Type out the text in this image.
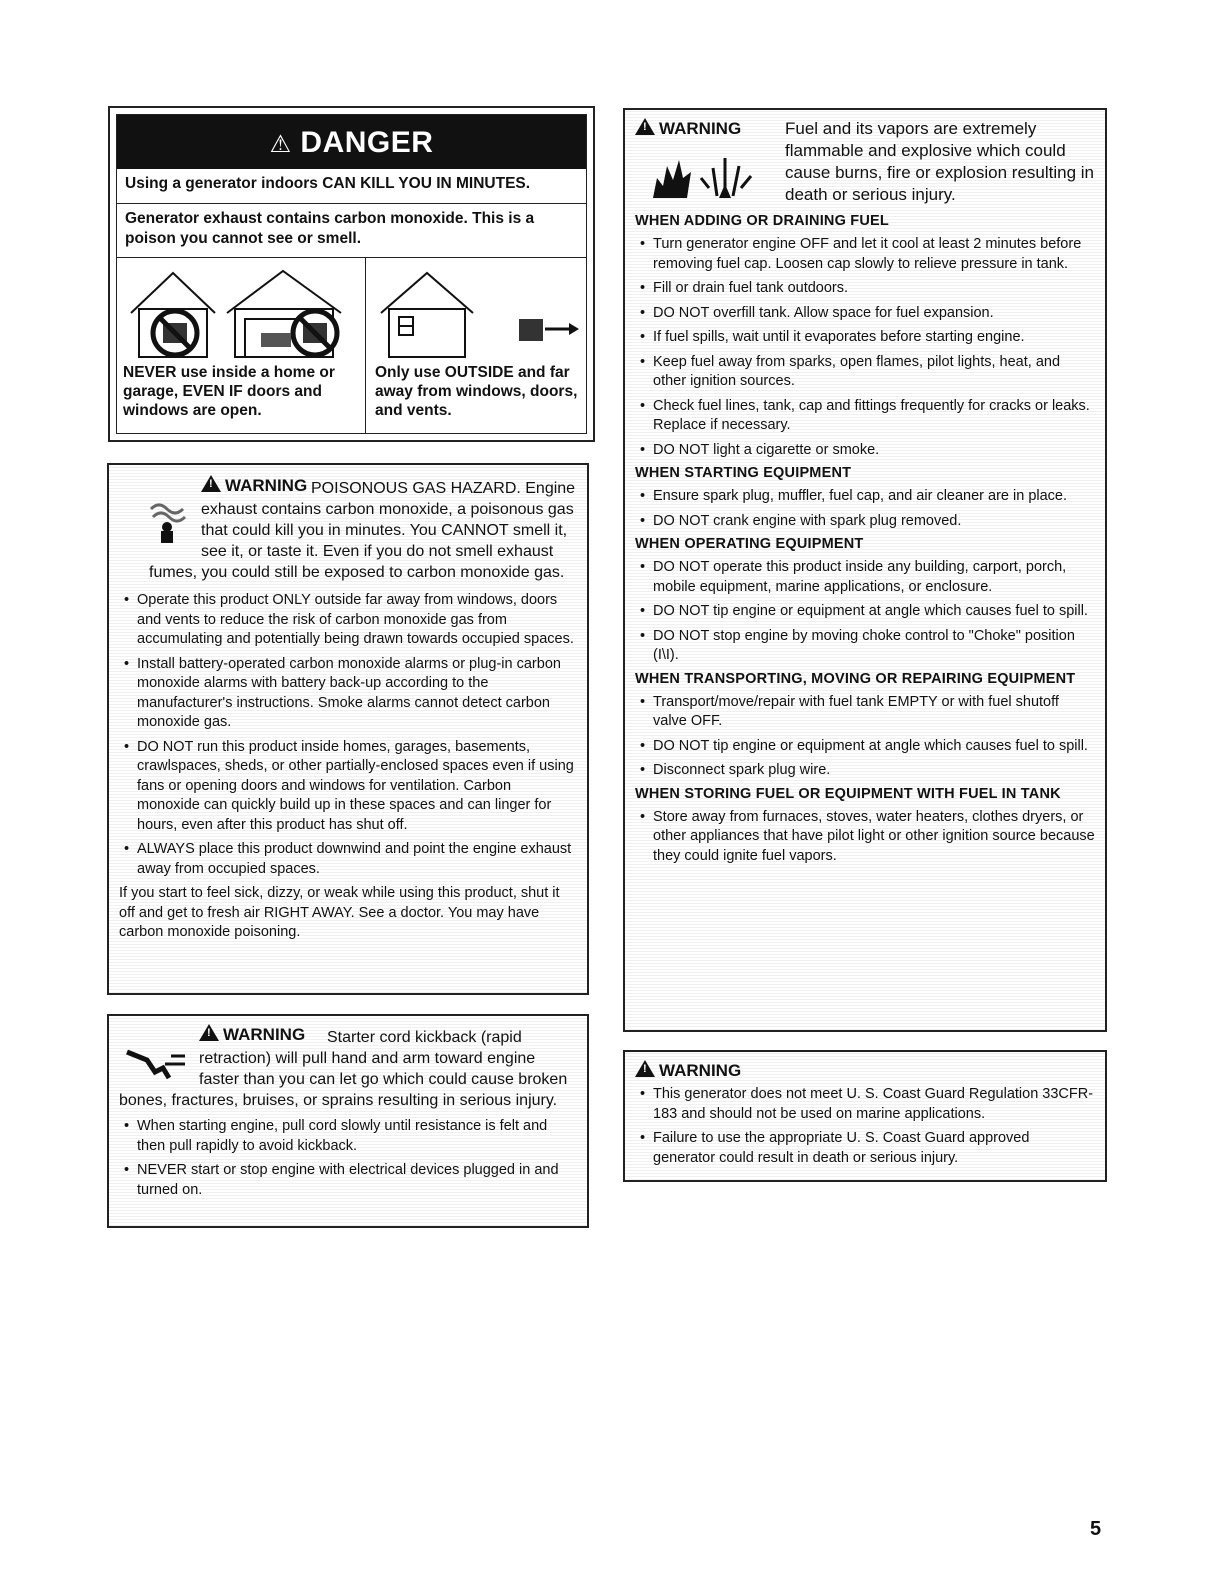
⚠ DANGER
Using a generator indoors CAN KILL YOU IN MINUTES.
Generator exhaust contains carbon monoxide. This is a poison you cannot see or smell.
NEVER use inside a home or garage, EVEN IF doors and windows are open.
Only use OUTSIDE and far away from windows, doors, and vents.
!WARNING POISONOUS GAS HAZARD. Engine exhaust contains carbon monoxide, a poisonous gas that could kill you in minutes. You CANNOT smell it, see it, or taste it. Even if you do not smell exhaust fumes, you could still be exposed to carbon monoxide gas.
• Operate this product ONLY outside far away from windows, doors and vents to reduce the risk of carbon monoxide gas from accumulating and potentially being drawn towards occupied spaces.
• Install battery-operated carbon monoxide alarms or plug-in carbon monoxide alarms with battery back-up according to the manufacturer's instructions. Smoke alarms cannot detect carbon monoxide gas.
• DO NOT run this product inside homes, garages, basements, crawlspaces, sheds, or other partially-enclosed spaces even if using fans or opening doors and windows for ventilation. Carbon monoxide can quickly build up in these spaces and can linger for hours, even after this product has shut off.
• ALWAYS place this product downwind and point the engine exhaust away from occupied spaces.
If you start to feel sick, dizzy, or weak while using this product, shut it off and get to fresh air RIGHT AWAY. See a doctor. You may have carbon monoxide poisoning.
!WARNING	Starter cord kickback (rapid retraction) will pull hand and arm toward engine faster than you can let go which could cause broken bones, fractures, bruises, or sprains resulting in serious injury.
• When starting engine, pull cord slowly until resistance is felt and then pull rapidly to avoid kickback.
• NEVER start or stop engine with electrical devices plugged in and turned on.
!WARNING	Fuel and its vapors are extremely flammable and explosive which could cause burns, fire or explosion resulting in death or serious injury.
WHEN ADDING OR DRAINING FUEL
• Turn generator engine OFF and let it cool at least 2 minutes before removing fuel cap. Loosen cap slowly to relieve pressure in tank.
• Fill or drain fuel tank outdoors.
• DO NOT overfill tank. Allow space for fuel expansion.
• If fuel spills, wait until it evaporates before starting engine.
• Keep fuel away from sparks, open flames, pilot lights, heat, and other ignition sources.
• Check fuel lines, tank, cap and fittings frequently for cracks or leaks. Replace if necessary.
• DO NOT light a cigarette or smoke.
WHEN STARTING EQUIPMENT
• Ensure spark plug, muffler, fuel cap, and air cleaner are in place.
• DO NOT crank engine with spark plug removed.
WHEN OPERATING EQUIPMENT
• DO NOT operate this product inside any building, carport, porch, mobile equipment, marine applications, or enclosure.
• DO NOT tip engine or equipment at angle which causes fuel to spill.
• DO NOT stop engine by moving choke control to "Choke" position (I\I).
WHEN TRANSPORTING, MOVING OR REPAIRING EQUIPMENT
• Transport/move/repair with fuel tank EMPTY or with fuel shutoff valve OFF.
• DO NOT tip engine or equipment at angle which causes fuel to spill.
• Disconnect spark plug wire.
WHEN STORING FUEL OR EQUIPMENT WITH FUEL IN TANK
• Store away from furnaces, stoves, water heaters, clothes dryers, or other appliances that have pilot light or other ignition source because they could ignite fuel vapors.
!WARNING
• This generator does not meet U. S. Coast Guard Regulation 33CFR-183 and should not be used on marine applications.
• Failure to use the appropriate U. S. Coast Guard approved generator could result in death or serious injury.
5
